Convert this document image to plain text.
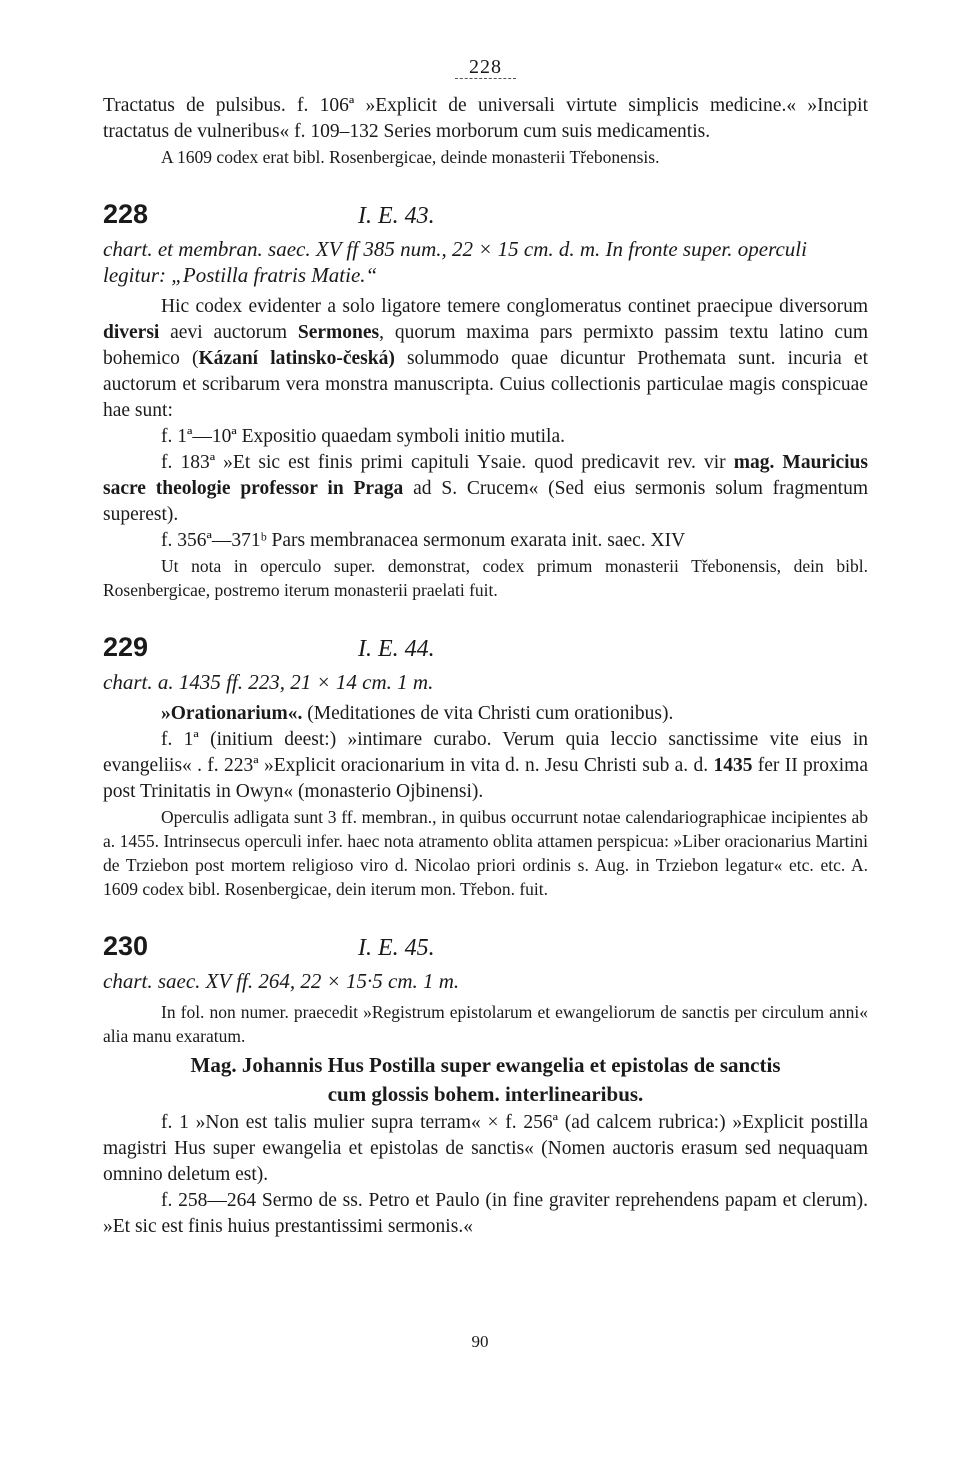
228

Tractatus de pulsibus. f. 106ª »Explicit de universali virtute simplicis medicine.« »Incipit tractatus de vulneribus« f. 109‒132 Series morborum cum suis medicamentis.

A 1609 codex erat bibl. Rosenbergicae, deinde monasterii Třebonensis.

228	I. E. 43.

chart. et membran. saec. XV ff 385 num., 22 × 15 cm. d. m. In fronte super. operculi legitur: „Postilla fratris Matie.“

Hic codex evidenter a solo ligatore temere conglomeratus continet praecipue diversorum diversi aevi auctorum Sermones, quorum maxima pars permixto passim textu latino cum bohemico (Kázaní latinsko-česká) solummodo quae dicuntur Prothemata sunt. incuria et auctorum et scribarum vera monstra manuscripta. Cuius collectionis particulae magis conspicuae hae sunt:

f. 1ª—10ª Expositio quaedam symboli initio mutila.

f. 183ª »Et sic est finis primi capituli Ysaie. quod predicavit rev. vir mag. Mauricius sacre theologie professor in Praga ad S. Crucem« (Sed eius sermonis solum fragmentum superest).

f. 356ª—371ᵇ Pars membranacea sermonum exarata init. saec. XIV

Ut nota in operculo super. demonstrat, codex primum monasterii Třebonensis, dein bibl. Rosenbergicae, postremo iterum monasterii praelati fuit.

229	I. E. 44.

chart. a. 1435 ff. 223, 21 × 14 cm. 1 m.

»Orationarium«. (Meditationes de vita Christi cum orationibus).

f. 1ª (initium deest:) »intimare curabo. Verum quia leccio sanctissime vite eius in evangeliis« . f. 223ª »Explicit oracionarium in vita d. n. Jesu Christi sub a. d. 1435 fer II proxima post Trinitatis in Owyn« (monasterio Ojbinensi).

Operculis adligata sunt 3 ff. membran., in quibus occurrunt notae calendariographicae incipientes ab a. 1455. Intrinsecus operculi infer. haec nota atramento oblita attamen perspicua: »Liber oracionarius Martini de Trziebon post mortem religioso viro d. Nicolao priori ordinis s. Aug. in Trziebon legatur« etc. etc. A. 1609 codex bibl. Rosenbergicae, dein iterum mon. Třebon. fuit.

230	I. E. 45.

chart. saec. XV ff. 264, 22 × 15·5 cm. 1 m.

In fol. non numer. praecedit »Registrum epistolarum et ewangeliorum de sanctis per circulum anni« alia manu exaratum.

Mag. Johannis Hus Postilla super ewangelia et epistolas de sanctis

cum glossis bohem. interlinearibus.

f. 1 »Non est talis mulier supra terram« × f. 256ª (ad calcem rubrica:) »Explicit postilla magistri Hus super ewangelia et epistolas de sanctis« (Nomen auctoris erasum sed nequaquam omnino deletum est).

f. 258—264 Sermo de ss. Petro et Paulo (in fine graviter reprehendens papam et clerum). »Et sic est finis huius prestantissimi sermonis.«

90
